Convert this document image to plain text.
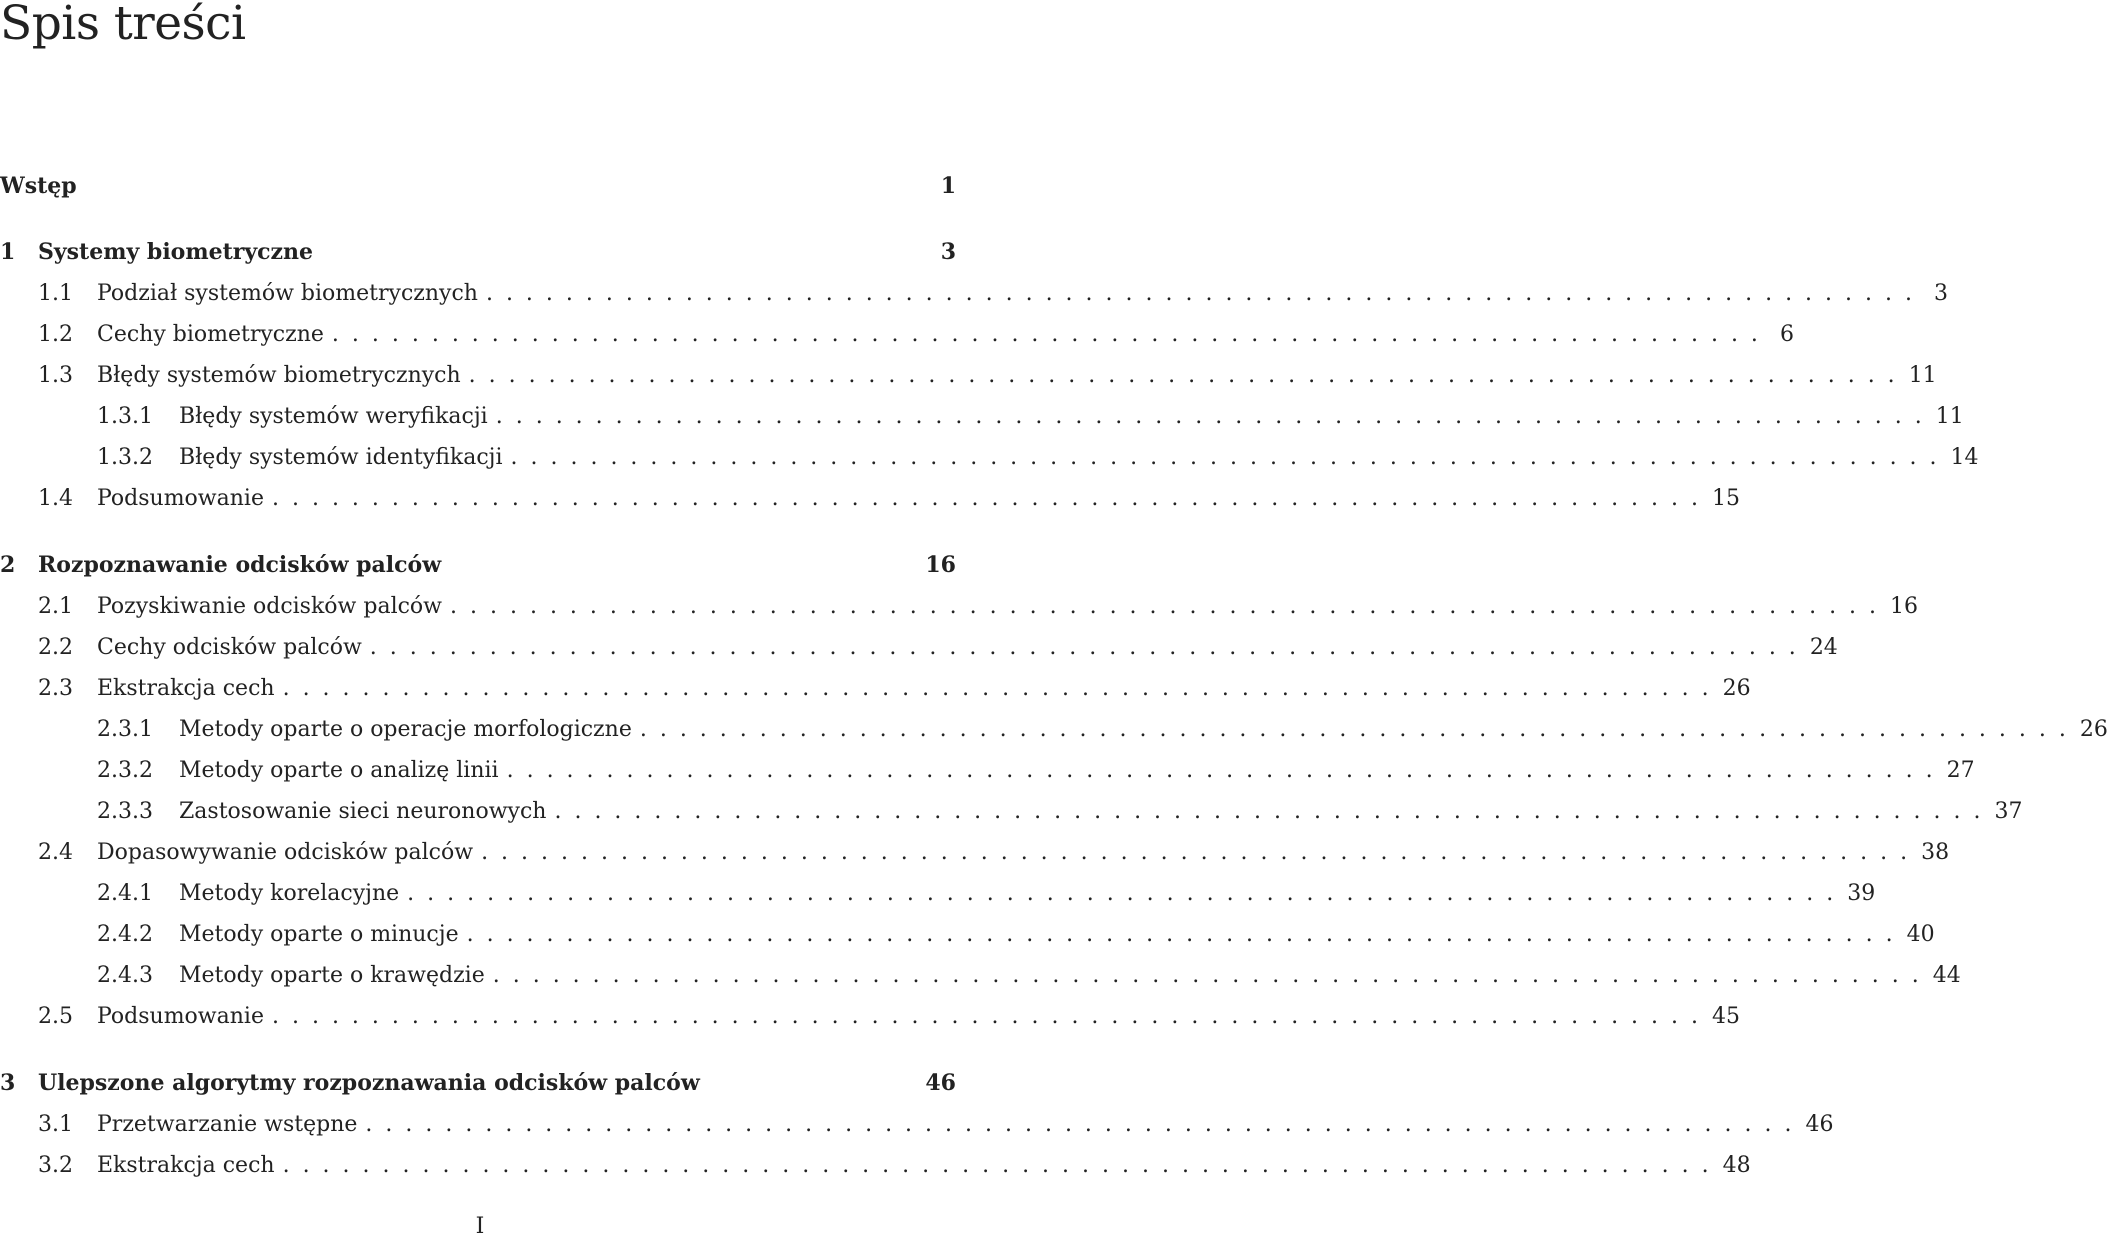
Spis treści
Wstęp	1
1	Systemy biometryczne	3
1.1	Podział systemów biometrycznych . . .	3
1.2	Cechy biometryczne . . .	6
1.3	Błędy systemów biometrycznych . . .	11
1.3.1	Błędy systemów weryfikacji . . .	11
1.3.2	Błędy systemów identyfikacji . . .	14
1.4	Podsumowanie . . .	15
2	Rozpoznawanie odcisków palców	16
2.1	Pozyskiwanie odcisków palców . . .	16
2.2	Cechy odcisków palców . . .	24
2.3	Ekstrakcja cech . . .	26
2.3.1	Metody oparte o operacje morfologiczne . . .	26
2.3.2	Metody oparte o analizę linii . . .	27
2.3.3	Zastosowanie sieci neuronowych . . .	37
2.4	Dopasowywanie odcisków palców . . .	38
2.4.1	Metody korelacyjne . . .	39
2.4.2	Metody oparte o minucje . . .	40
2.4.3	Metody oparte o krawędzie . . .	44
2.5	Podsumowanie . . .	45
3	Ulepszone algorytmy rozpoznawania odcisków palców	46
3.1	Przetwarzanie wstępne . . .	46
3.2	Ekstrakcja cech . . .	48
I
